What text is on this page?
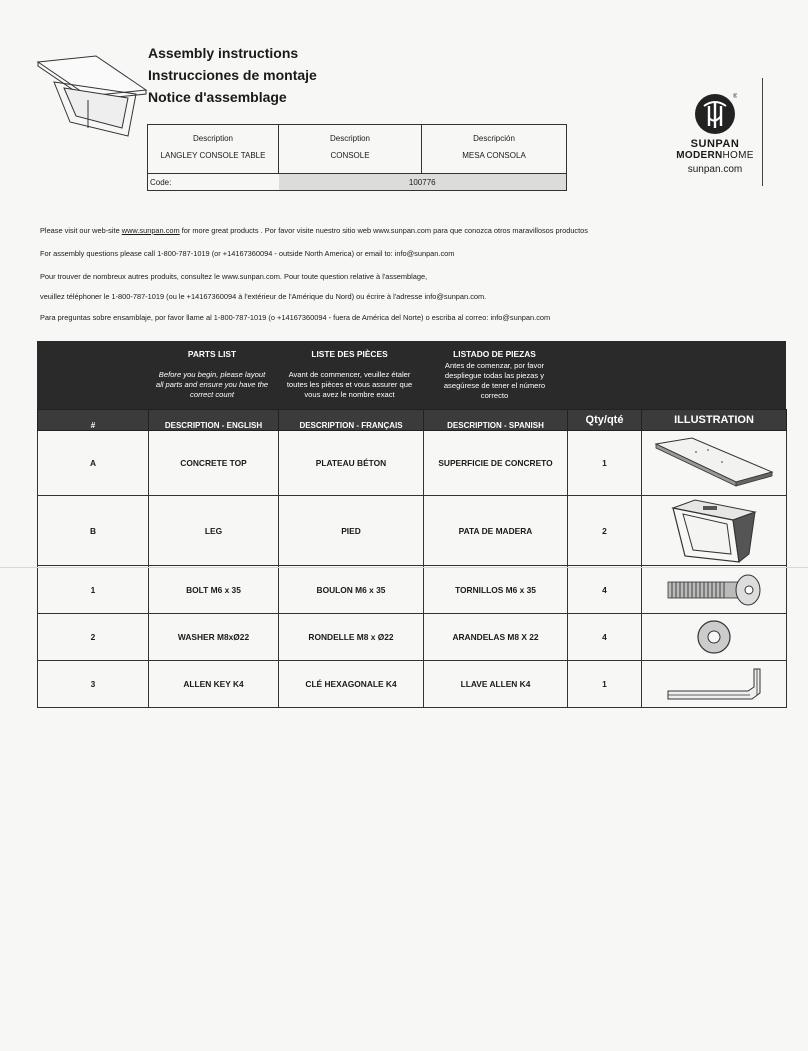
Assembly instructions
Instrucciones de montaje
Notice d'assemblage
Description	Description	Descripción
LANGLEY CONSOLE TABLE	CONSOLE	MESA CONSOLA
Code:	100776	
®
SUNPAN
MODERNHOME
sunpan.com
Please visit our web-site www.sunpan.com for more great products . Por favor visite nuestro sitio web www.sunpan.com para que conozca otros maravillosos productos
For assembly questions please call 1-800-787-1019 (or +14167360094 - outside North America) or email to: info@sunpan.com
Pour trouver de nombreux autres produits, consultez le www.sunpan.com. Pour toute question relative à l'assemblage,
veuillez téléphoner le 1-800-787-1019 (ou le +14167360094 à l'extérieur de l'Amérique du Nord) ou écrire à l'adresse info@sunpan.com.
Para preguntas sobre ensamblaje, por favor llame al 1-800-787-1019 (o +14167360094 - fuera de América del Norte) o escriba al correo: info@sunpan.com
PARTS LIST
Before you begin, please layout
all parts and ensure you have the
correct count
LISTE DES PIÈCES
Avant de commencer, veuillez étaler
toutes les pièces et vous assurer que
vous avez le nombre exact
LISTADO DE PIEZAS
Antes de comenzar, por favor
despliegue todas las piezas y
asegúrese de tener el número
correcto
#	DESCRIPTION - ENGLISH	DESCRIPTION - FRANÇAIS	DESCRIPTION - SPANISH	Qty/qté	ILLUSTRATION
A	CONCRETE TOP	PLATEAU BÉTON	SUPERFICIE DE CONCRETO	1	

B	LEG	PIED	PATA DE MADERA	2	

1	BOLT M6 x 35	BOULON M6 x 35	TORNILLOS M6 x 35	4	

2	WASHER M8xØ22	RONDELLE M8 x Ø22	ARANDELAS M8 X 22	4	

3	ALLEN KEY K4	CLÉ HEXAGONALE K4	LLAVE ALLEN K4	1	
